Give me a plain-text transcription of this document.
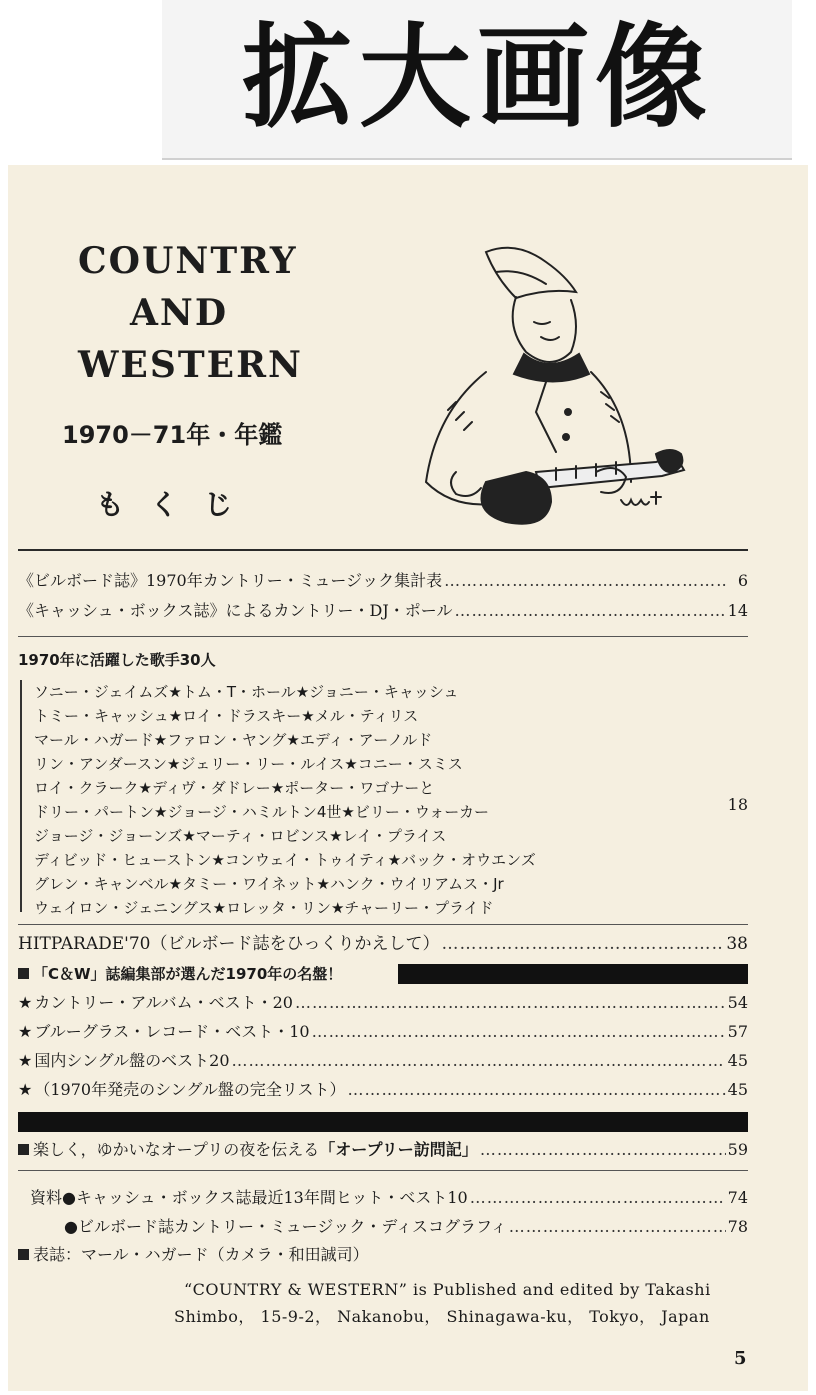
拡大画像
COUNTRY
AND
WESTERN
1970－71年・年鑑
もくじ
《ビルボード誌》1970年カントリー・ミュージック集計表 ……………………………………………………………………………………………………………………………………………………………………	6
《キャッシュ・ボックス誌》によるカントリー・DJ・ポール ……………………………………………………………………………………………………………………………………………………………………	14
1970年に活躍した歌手30人
ソニー・ジェイムズ★トム・T・ホール★ジョニー・キャッシュ
トミー・キャッシュ★ロイ・ドラスキー★メル・ティリス
マール・ハガード★ファロン・ヤング★エディ・アーノルド
リン・アンダースン★ジェリー・リー・ルイス★コニー・スミス
ロイ・クラーク★ディヴ・ダドレー★ポーター・ワゴナーと
ドリー・パートン★ジョージ・ハミルトン4世★ビリー・ウォーカー
ジョージ・ジョーンズ★マーティ・ロビンス★レイ・プライス
ディビッド・ヒューストン★コンウェイ・トゥイティ★バック・オウエンズ
グレン・キャンベル★タミー・ワイネット★ハンク・ウイリアムス・Jr
ウェイロン・ジェニングス★ロレッタ・リン★チャーリー・プライド
18
HITPARADE'70（ビルボード誌をひっくりかえして） ……………………………………………………………………………………………………………………………………………………………………	38
「C＆W」誌編集部が選んだ1970年の名盤！
★ カントリー・アルバム・ベスト・20 ……………………………………………………………………………………………………………………………………………………………………	54
★ ブルーグラス・レコード・ベスト・10 ……………………………………………………………………………………………………………………………………………………………………	57
★ 国内シングル盤のベスト20 ……………………………………………………………………………………………………………………………………………………………………	45
★ （1970年発売のシングル盤の完全リスト） ……………………………………………………………………………………………………………………………………………………………………	45
楽しく，ゆかいなオープリの夜を伝える「オープリー訪問記」 ……………………………………………………………………………………………………………………………………………………………………	59
資料●キャッシュ・ボックス誌最近13年間ヒット・ベスト10 ……………………………………………………………………………………………………………………………………………………………………	74
●ビルボード誌カントリー・ミュージック・ディスコグラフィ ……………………………………………………………………………………………………………………………………………………………………	78
表誌：マール・ハガード（カメラ・和田誠司）
“COUNTRY & WESTERN” is Published and edited by Takashi
Shimbo， 15-9-2， Nakanobu， Shinagawa-ku， Tokyo， Japan
5
